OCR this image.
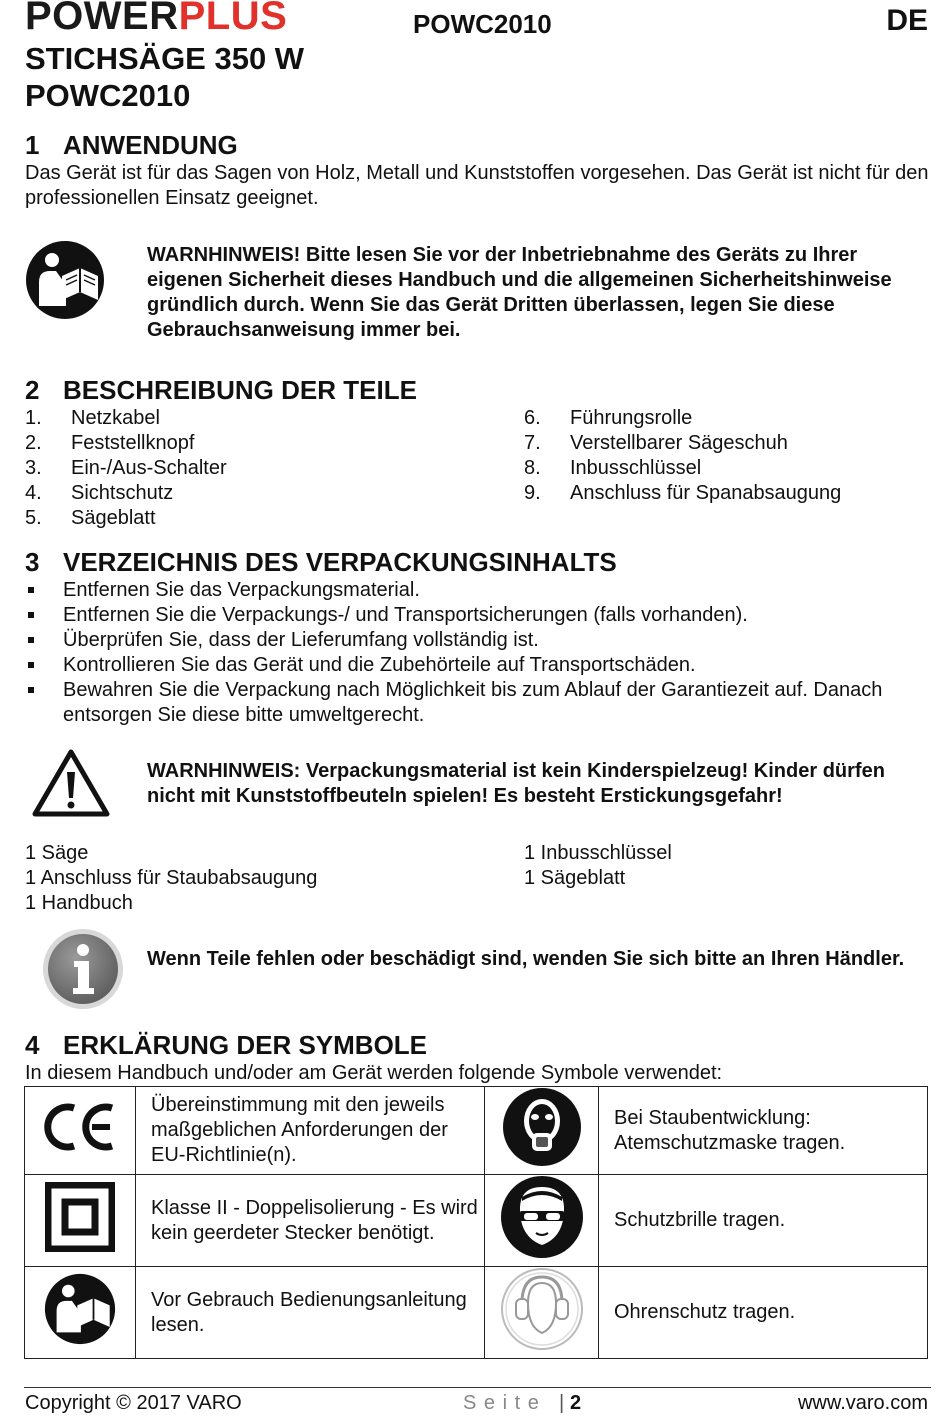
POWERPLUS	POWC2010	DE
STICHSÄGE 350 W
POWC2010
1 ANWENDUNG
Das Gerät ist für das Sagen von Holz, Metall und Kunststoffen vorgesehen. Das Gerät ist nicht für den professionellen Einsatz geeignet.
WARNHINWEIS! Bitte lesen Sie vor der Inbetriebnahme des Geräts zu Ihrer eigenen Sicherheit dieses Handbuch und die allgemeinen Sicherheitshinweise gründlich durch. Wenn Sie das Gerät Dritten überlassen, legen Sie diese Gebrauchsanweisung immer bei.
2 BESCHREIBUNG DER TEILE
1. Netzkabel
2. Feststellknopf
3. Ein-/Aus-Schalter
4. Sichtschutz
5. Sägeblatt
6. Führungsrolle
7. Verstellbarer Sägeschuh
8. Inbusschlüssel
9. Anschluss für Spanabsaugung
3 VERZEICHNIS DES VERPACKUNGSINHALTS
Entfernen Sie das Verpackungsmaterial.
Entfernen Sie die Verpackungs-/ und Transportsicherungen (falls vorhanden).
Überprüfen Sie, dass der Lieferumfang vollständig ist.
Kontrollieren Sie das Gerät und die Zubehörteile auf Transportschäden.
Bewahren Sie die Verpackung nach Möglichkeit bis zum Ablauf der Garantiezeit auf. Danach entsorgen Sie diese bitte umweltgerecht.
WARNHINWEIS: Verpackungsmaterial ist kein Kinderspielzeug! Kinder dürfen nicht mit Kunststoffbeuteln spielen! Es besteht Erstickungsgefahr!
1 Säge
1 Anschluss für Staubabsaugung
1 Handbuch
1 Inbusschlüssel
1 Sägeblatt
Wenn Teile fehlen oder beschädigt sind, wenden Sie sich bitte an Ihren Händler.
4 ERKLÄRUNG DER SYMBOLE
In diesem Handbuch und/oder am Gerät werden folgende Symbole verwendet:
	Übereinstimmung mit den jeweils maßgeblichen Anforderungen der EU-Richtlinie(n).		Bei Staubentwicklung: Atemschutzmaske tragen.
	Klasse II - Doppelisolierung - Es wird kein geerdeter Stecker benötigt.		Schutzbrille tragen.
	Vor Gebrauch Bedienungsanleitung lesen.		Ohrenschutz tragen.
Copyright © 2017 VARO	S e i t e | 2	www.varo.com
